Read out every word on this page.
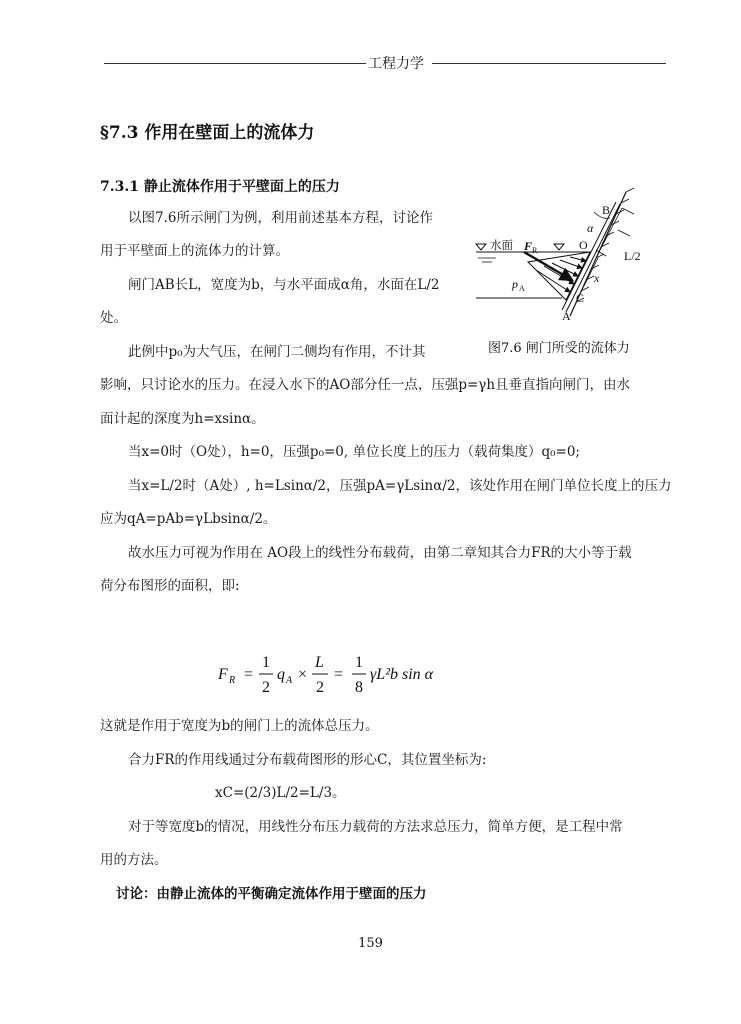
工程力学
§7.3 作用在壁面上的流体力
7.3.1 静止流体作用于平壁面上的压力
以图7.6所示闸门为例，利用前述基本方程，讨论作
用于平壁面上的流体力的计算。
闸门AB长L，宽度为b，与水平面成α角，水面在L/2
处。
此例中p₀为大气压，在闸门二侧均有作用，不计其
影响，只讨论水的压力。在浸入水下的AO部分任一点，压强p=γh且垂直指向闸门，由水
面计起的深度为h=xsinα。
当x=0时（O处），h=0，压强p₀=0, 单位长度上的压力（载荷集度）q₀=0;
当x=L/2时（A处）, h=Lsinα/2，压强pA=γLsinα/2，该处作用在闸门单位长度上的压力
应为qA=pAb=γLbsinα/2。
故水压力可视为作用在 AO段上的线性分布载荷，由第二章知其合力FR的大小等于载
荷分布图形的面积，即:
F R =
1
2
q A ×
L
2
=
1
8
γL²b sin α
这就是作用于宽度为b的闸门上的流体总压力。
合力FR的作用线通过分布载荷图形的形心C，其位置坐标为:
xC=(2/3)L/2=L/3。
对于等宽度b的情况，用线性分布压力载荷的方法求总压力，简单方便，是工程中常
用的方法。
讨论：由静止流体的平衡确定流体作用于壁面的压力
B
α
水面 F R	O
L/2
x
p A
C
A
图7.6 闸门所受的流体力
159
